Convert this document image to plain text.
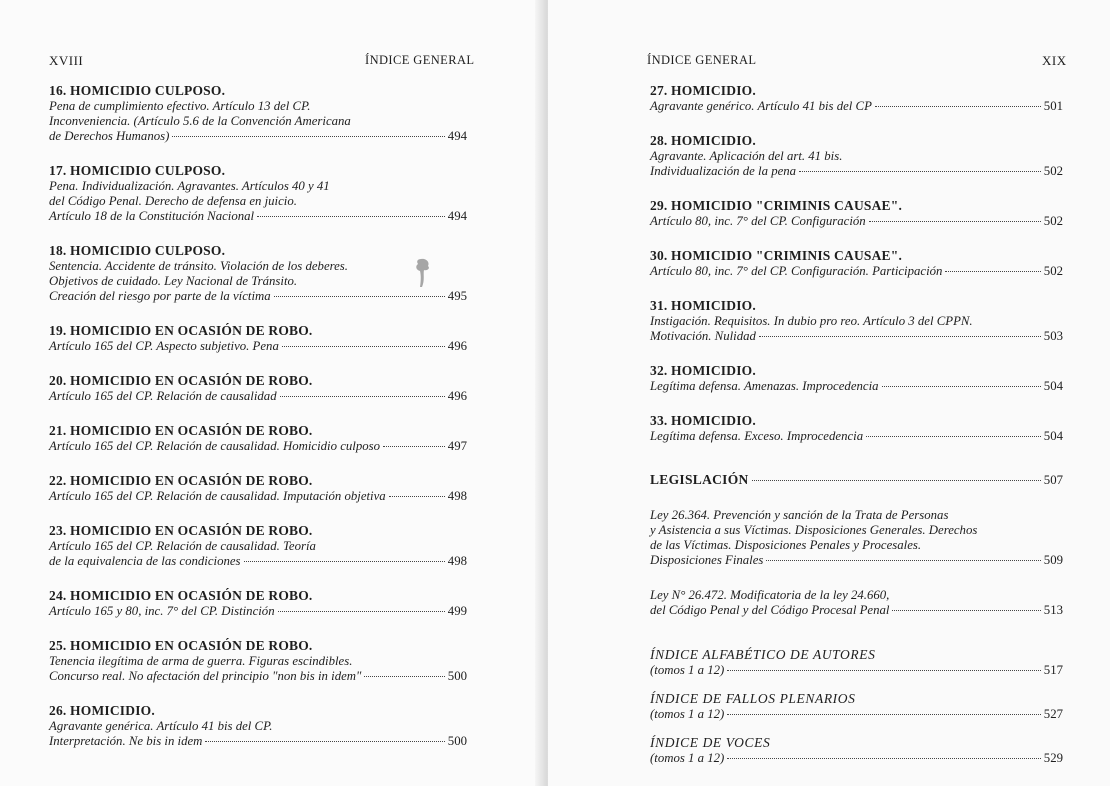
XVIII	ÍNDICE GENERAL
16. HOMICIDIO CULPOSO.
Pena de cumplimiento efectivo. Artículo 13 del CP.
Inconveniencia. (Artículo 5.6 de la Convención Americana
de Derechos Humanos)	494
17. HOMICIDIO CULPOSO.
Pena. Individualización. Agravantes. Artículos 40 y 41
del Código Penal. Derecho de defensa en juicio.
Artículo 18 de la Constitución Nacional	494
18. HOMICIDIO CULPOSO.
Sentencia. Accidente de tránsito. Violación de los deberes.
Objetivos de cuidado. Ley Nacional de Tránsito.
Creación del riesgo por parte de la víctima	495
19. HOMICIDIO EN OCASIÓN DE ROBO.
Artículo 165 del CP. Aspecto subjetivo. Pena	496
20. HOMICIDIO EN OCASIÓN DE ROBO.
Artículo 165 del CP. Relación de causalidad	496
21. HOMICIDIO EN OCASIÓN DE ROBO.
Artículo 165 del CP. Relación de causalidad. Homicidio culposo	497
22. HOMICIDIO EN OCASIÓN DE ROBO.
Artículo 165 del CP. Relación de causalidad. Imputación objetiva	498
23. HOMICIDIO EN OCASIÓN DE ROBO.
Artículo 165 del CP. Relación de causalidad. Teoría
de la equivalencia de las condiciones	498
24. HOMICIDIO EN OCASIÓN DE ROBO.
Artículo 165 y 80, inc. 7° del CP. Distinción	499
25. HOMICIDIO EN OCASIÓN DE ROBO.
Tenencia ilegítima de arma de guerra. Figuras escindibles.
Concurso real. No afectación del principio "non bis in idem"	500
26. HOMICIDIO.
Agravante genérica. Artículo 41 bis del CP.
Interpretación. Ne bis in idem	500
ÍNDICE GENERAL	XIX
27. HOMICIDIO.
Agravante genérico. Artículo 41 bis del CP	501
28. HOMICIDIO.
Agravante. Aplicación del art. 41 bis.
Individualización de la pena	502
29. HOMICIDIO "CRIMINIS CAUSAE".
Artículo 80, inc. 7° del CP. Configuración	502
30. HOMICIDIO "CRIMINIS CAUSAE".
Artículo 80, inc. 7° del CP. Configuración. Participación	502
31. HOMICIDIO.
Instigación. Requisitos. In dubio pro reo. Artículo 3 del CPPN.
Motivación. Nulidad	503
32. HOMICIDIO.
Legítima defensa. Amenazas. Improcedencia	504
33. HOMICIDIO.
Legítima defensa. Exceso. Improcedencia	504
LEGISLACIÓN	507
Ley 26.364. Prevención y sanción de la Trata de Personas
y Asistencia a sus Víctimas. Disposiciones Generales. Derechos
de las Víctimas. Disposiciones Penales y Procesales.
Disposiciones Finales	509
Ley N° 26.472. Modificatoria de la ley 24.660,
del Código Penal y del Código Procesal Penal	513
ÍNDICE ALFABÉTICO DE AUTORES
(tomos 1 a 12)	517
ÍNDICE DE FALLOS PLENARIOS
(tomos 1 a 12)	527
ÍNDICE DE VOCES
(tomos 1 a 12)	529
